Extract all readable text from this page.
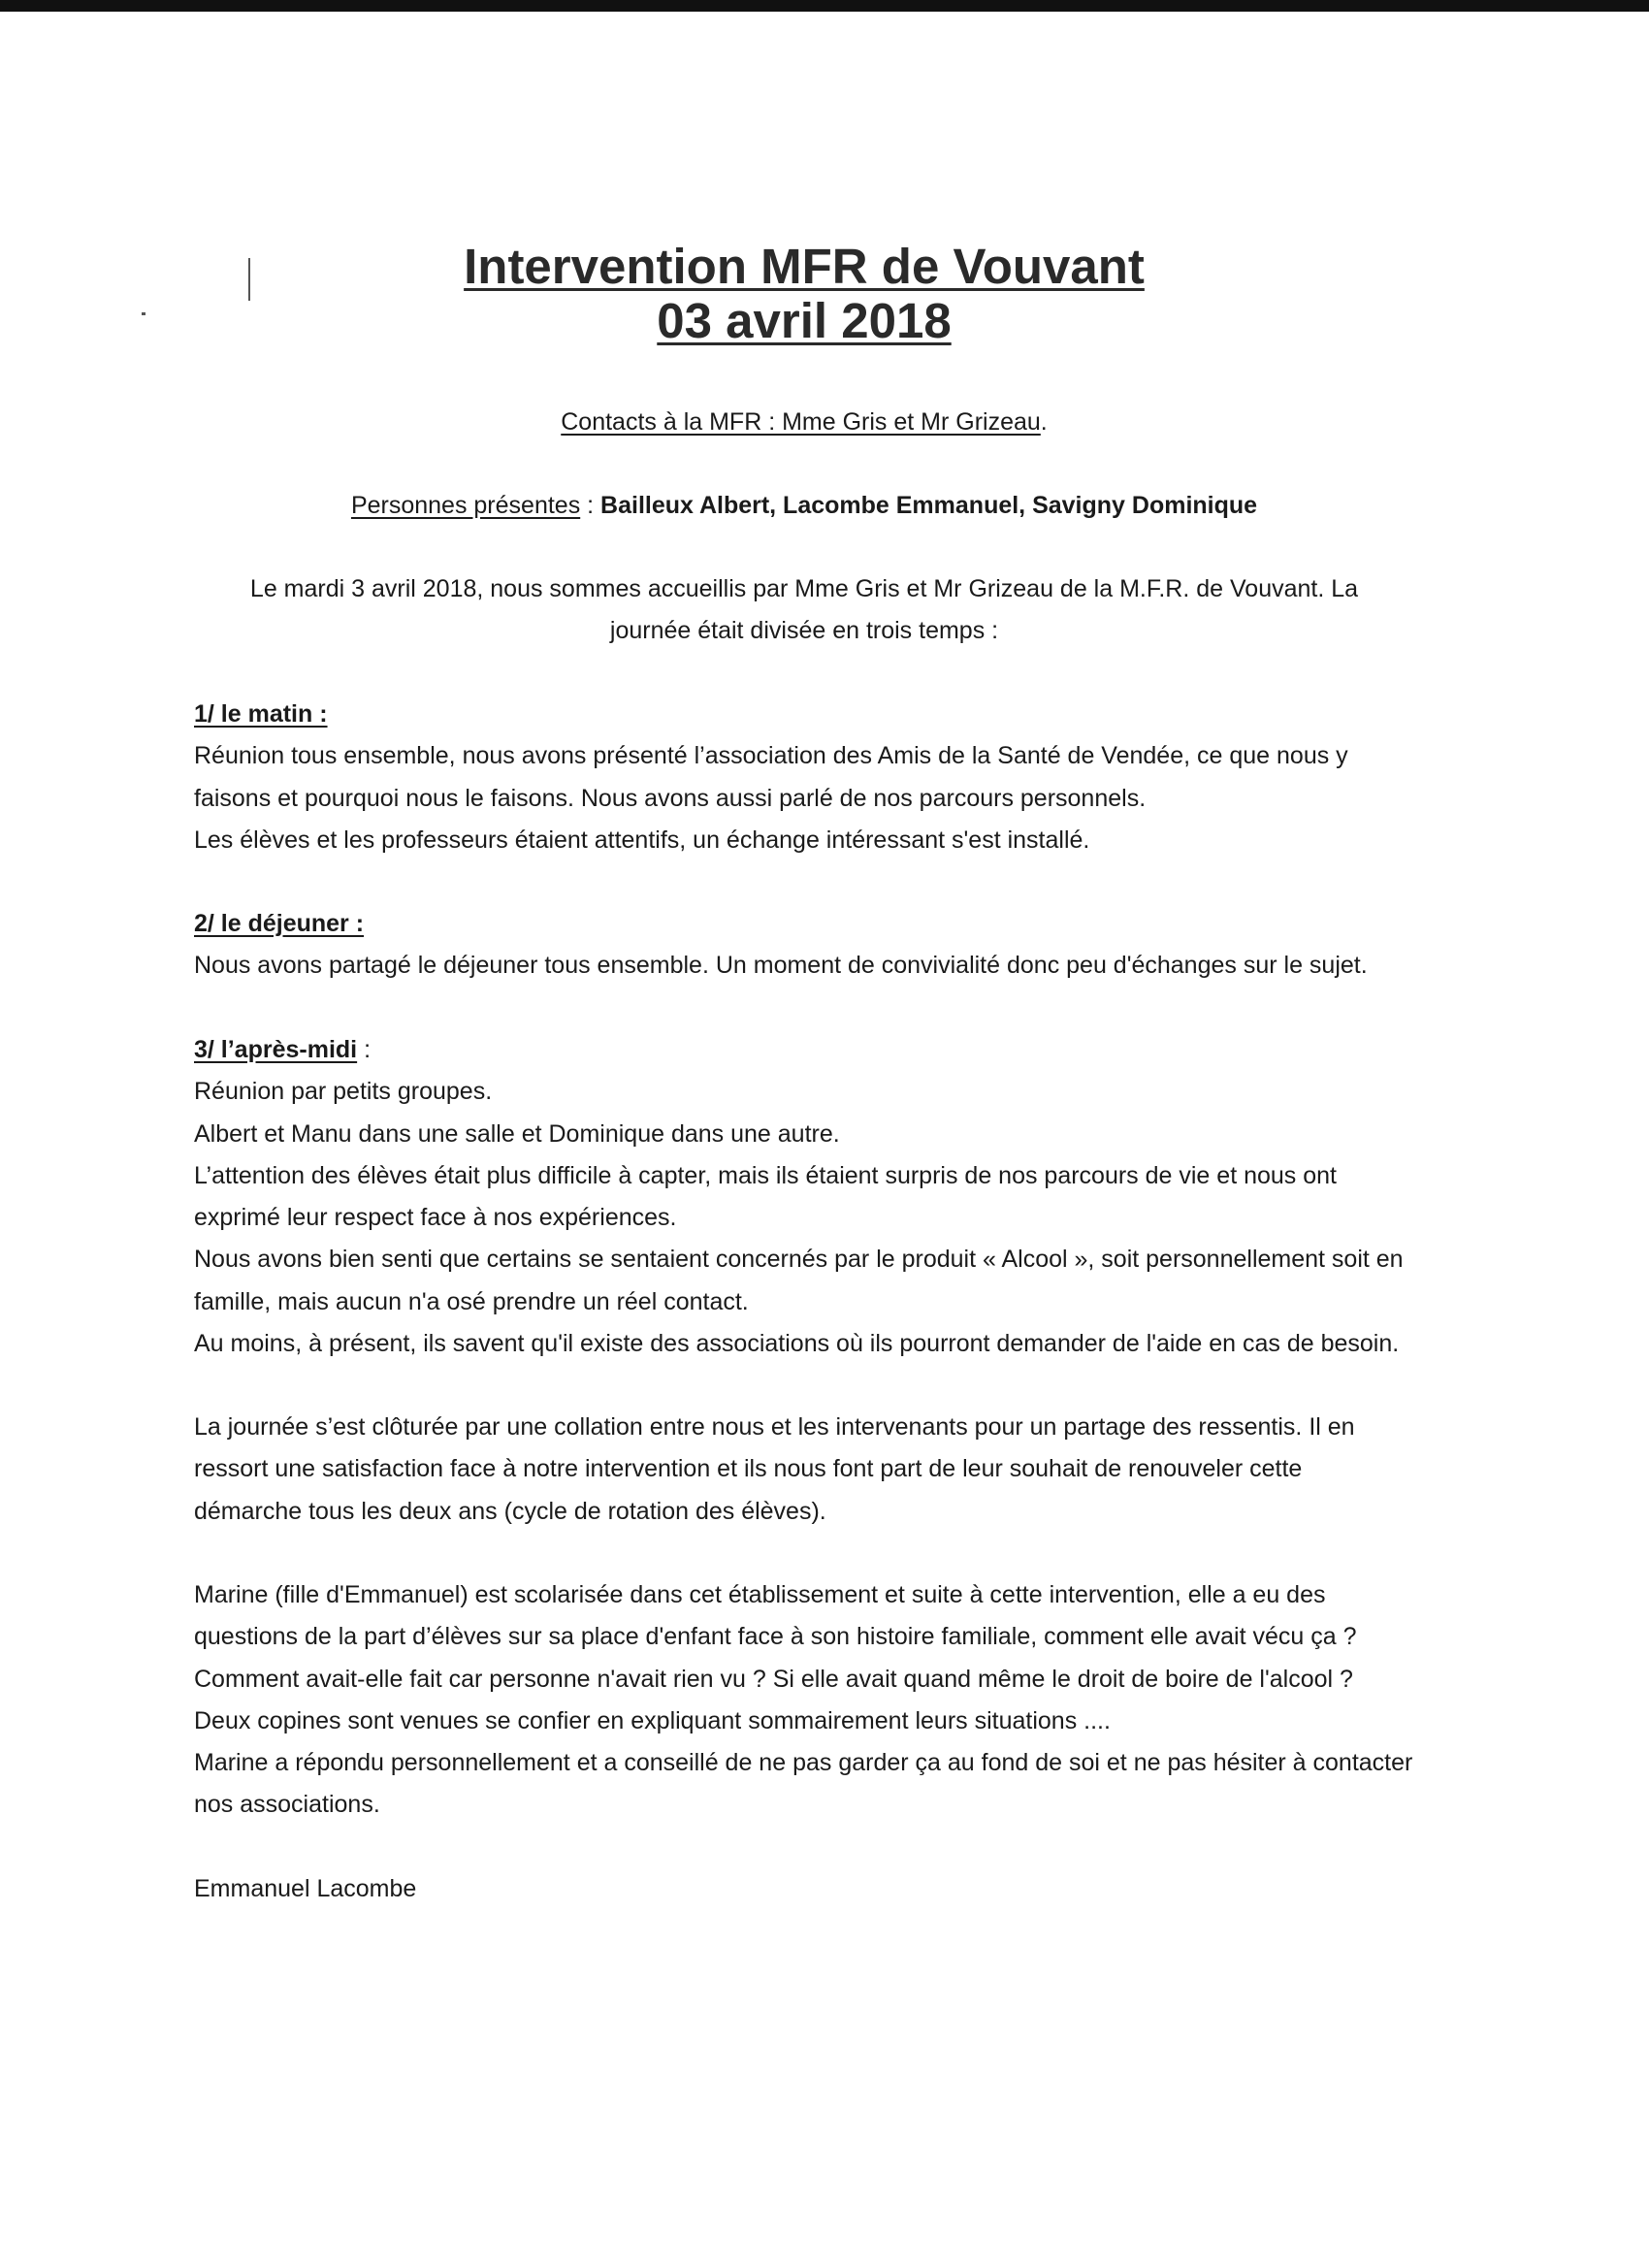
Intervention MFR de Vouvant
03 avril 2018

Contacts à la MFR : Mme Gris et Mr Grizeau.

Personnes présentes : Bailleux Albert, Lacombe Emmanuel, Savigny Dominique

Le mardi 3 avril 2018, nous sommes accueillis par Mme Gris et Mr Grizeau de la M.F.R. de Vouvant. La journée était divisée en trois temps :

1/ le matin :

Réunion tous ensemble, nous avons présenté l’association des Amis de la Santé de Vendée, ce que nous y

faisons et pourquoi nous le faisons. Nous avons aussi parlé de nos parcours personnels.

Les élèves et les professeurs étaient attentifs, un échange intéressant s'est installé.

2/ le déjeuner :

Nous avons partagé le déjeuner tous ensemble. Un moment de convivialité donc peu d'échanges sur le sujet.

3/ l’après-midi :

Réunion par petits groupes.

Albert et Manu dans une salle et Dominique dans une autre.

L’attention des élèves était plus difficile à capter, mais ils étaient surpris de nos parcours de vie et nous ont

exprimé leur respect face à nos expériences.

Nous avons bien senti que certains se sentaient concernés par le produit « Alcool », soit personnellement soit en

famille, mais aucun n'a osé prendre un réel contact.

Au moins, à présent, ils savent qu'il existe des associations où ils pourront demander de l'aide en cas de besoin.

La journée s’est clôturée par une collation entre nous et les intervenants pour un partage des ressentis. Il en

ressort une satisfaction face à notre intervention et ils nous font part de leur souhait de renouveler cette

démarche tous les deux ans (cycle de rotation des élèves).

Marine (fille d'Emmanuel) est scolarisée dans cet établissement et suite à cette intervention, elle a eu des

questions de la part d’élèves sur sa place d'enfant face à son histoire familiale, comment elle avait vécu ça ?

Comment avait-elle fait car personne n'avait rien vu ? Si elle avait quand même le droit de boire de l'alcool ?

Deux copines sont venues se confier en expliquant sommairement leurs situations ....

Marine a répondu personnellement et a conseillé de ne pas garder ça au fond de soi et ne pas hésiter à contacter

nos associations.

Emmanuel Lacombe
